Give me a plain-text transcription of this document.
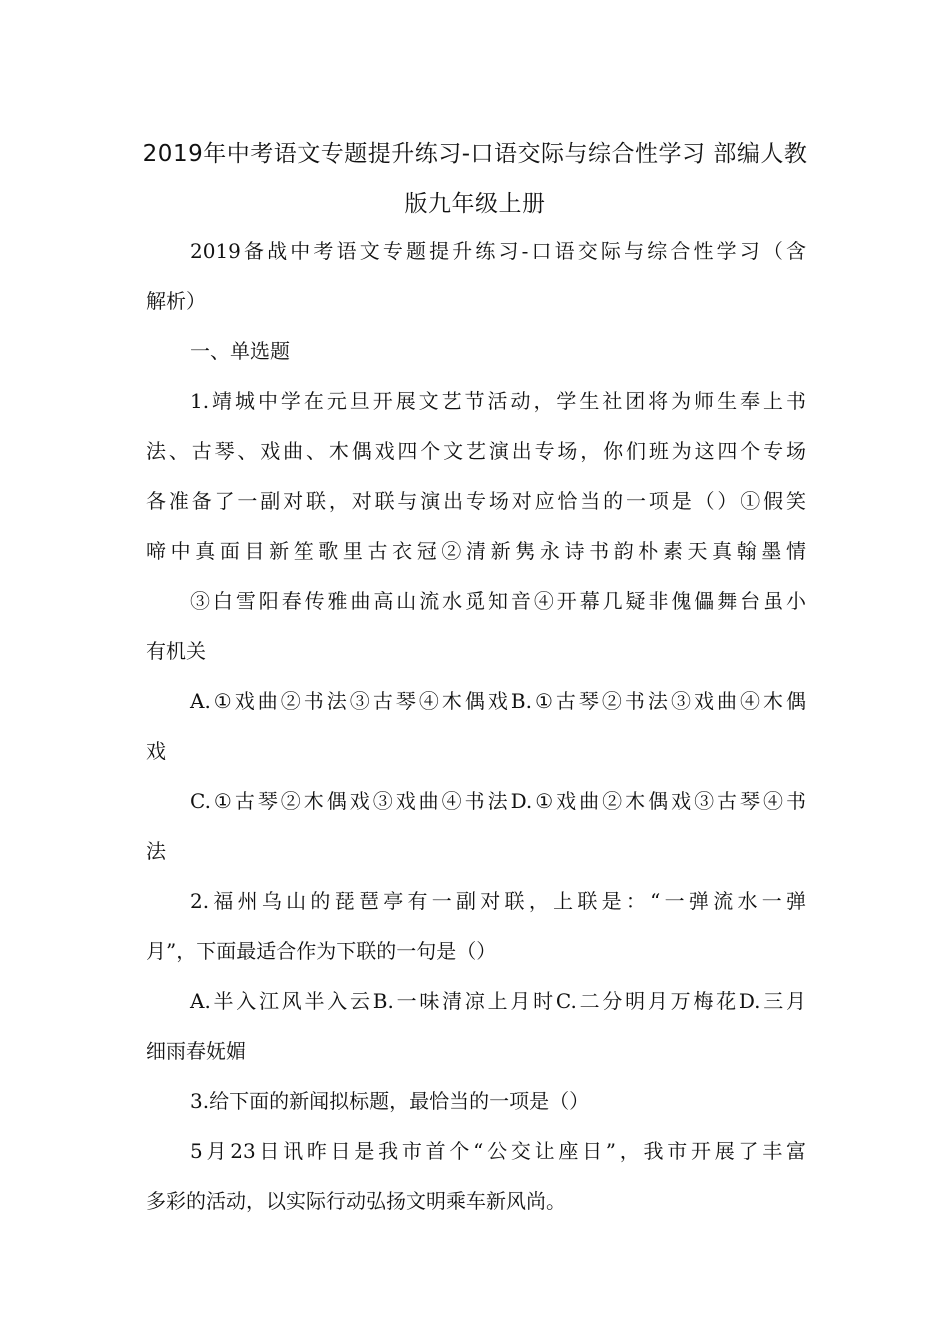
2019年中考语文专题提升练习-口语交际与综合性学习 部编人教
版九年级上册
2019备战中考语文专题提升练习-口语交际与综合性学习（含
解析）
一、单选题
1.靖城中学在元旦开展文艺节活动，学生社团将为师生奉上书
法、古琴、戏曲、木偶戏四个文艺演出专场，你们班为这四个专场
各准备了一副对联，对联与演出专场对应恰当的一项是（）①假笑
啼中真面目新笙歌里古衣冠②清新隽永诗书韵朴素天真翰墨情
③白雪阳春传雅曲高山流水觅知音④开幕几疑非傀儡舞台虽小
有机关
A.①戏曲②书法③古琴④木偶戏B.①古琴②书法③戏曲④木偶
戏
C.①古琴②木偶戏③戏曲④书法D.①戏曲②木偶戏③古琴④书
法
2.福州乌山的琵琶亭有一副对联，上联是：“一弹流水一弹
月”，下面最适合作为下联的一句是（）
A.半入江风半入云B.一味清凉上月时C.二分明月万梅花D.三月
细雨春妩媚
3.给下面的新闻拟标题，最恰当的一项是（）
5月23日讯昨日是我市首个“公交让座日”，我市开展了丰富
多彩的活动，以实际行动弘扬文明乘车新风尚。
